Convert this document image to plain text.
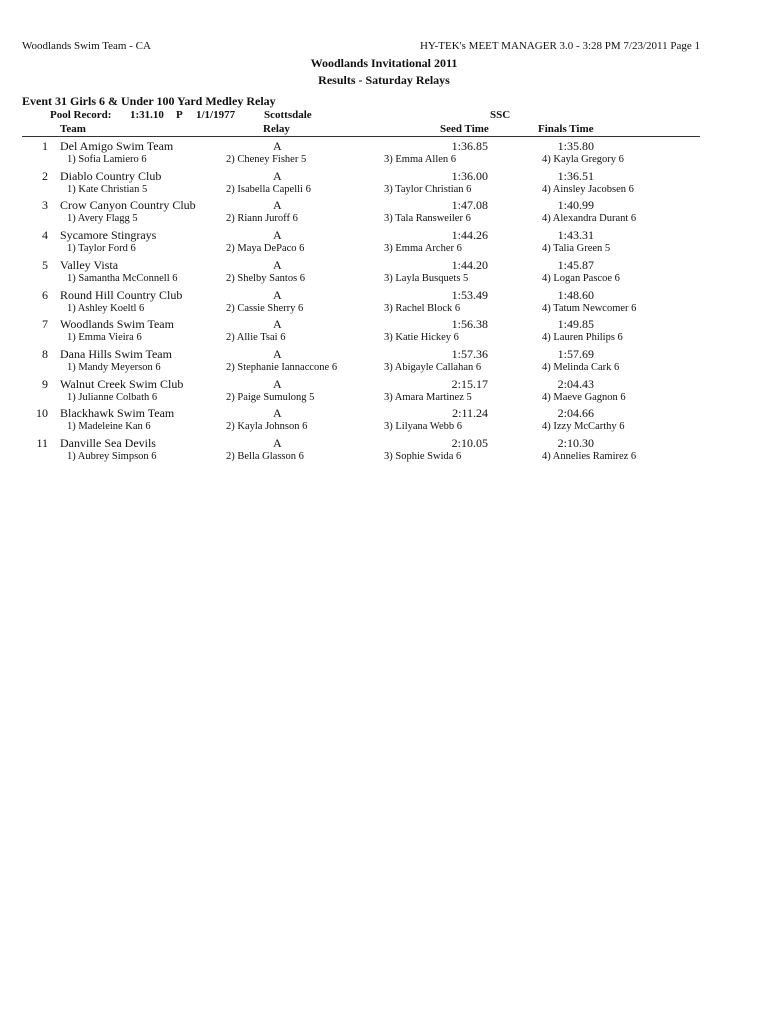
Woodlands Swim Team - CA	HY-TEK's MEET MANAGER 3.0 - 3:28 PM 7/23/2011 Page 1
Woodlands Invitational 2011
Results - Saturday Relays
Event 31 Girls 6 & Under 100 Yard Medley Relay
Pool Record: 1:31.10 P 1/1/1977	Scottsdale	SSC
Team	Relay	Seed Time	Finals Time
1 Del Amigo Swim Team	A	1:36.85	1:35.80
1) Sofia Lamiero 6	2) Cheney Fisher 5	3) Emma Allen 6	4) Kayla Gregory 6
2 Diablo Country Club	A	1:36.00	1:36.51
1) Kate Christian 5	2) Isabella Capelli 6	3) Taylor Christian 6	4) Ainsley Jacobsen 6
3 Crow Canyon Country Club	A	1:47.08	1:40.99
1) Avery Flagg 5	2) Riann Juroff 6	3) Tala Ransweiler 6	4) Alexandra Durant 6
4 Sycamore Stingrays	A	1:44.26	1:43.31
1) Taylor Ford 6	2) Maya DePaco 6	3) Emma Archer 6	4) Talia Green 5
5 Valley Vista	A	1:44.20	1:45.87
1) Samantha McConnell 6	2) Shelby Santos 6	3) Layla Busquets 5	4) Logan Pascoe 6
6 Round Hill Country Club	A	1:53.49	1:48.60
1) Ashley Koeltl 6	2) Cassie Sherry 6	3) Rachel Block 6	4) Tatum Newcomer 6
7 Woodlands Swim Team	A	1:56.38	1:49.85
1) Emma Vieira 6	2) Allie Tsai 6	3) Katie Hickey 6	4) Lauren Philips 6
8 Dana Hills Swim Team	A	1:57.36	1:57.69
1) Mandy Meyerson 6	2) Stephanie Iannaccone 6	3) Abigayle Callahan 6	4) Melinda Cark 6
9 Walnut Creek Swim Club	A	2:15.17	2:04.43
1) Julianne Colbath 6	2) Paige Sumulong 5	3) Amara Martinez 5	4) Maeve Gagnon 6
10 Blackhawk Swim Team	A	2:11.24	2:04.66
1) Madeleine Kan 6	2) Kayla Johnson 6	3) Lilyana Webb 6	4) Izzy McCarthy 6
11 Danville Sea Devils	A	2:10.05	2:10.30
1) Aubrey Simpson 6	2) Bella Glasson 6	3) Sophie Swida 6	4) Annelies Ramirez 6
